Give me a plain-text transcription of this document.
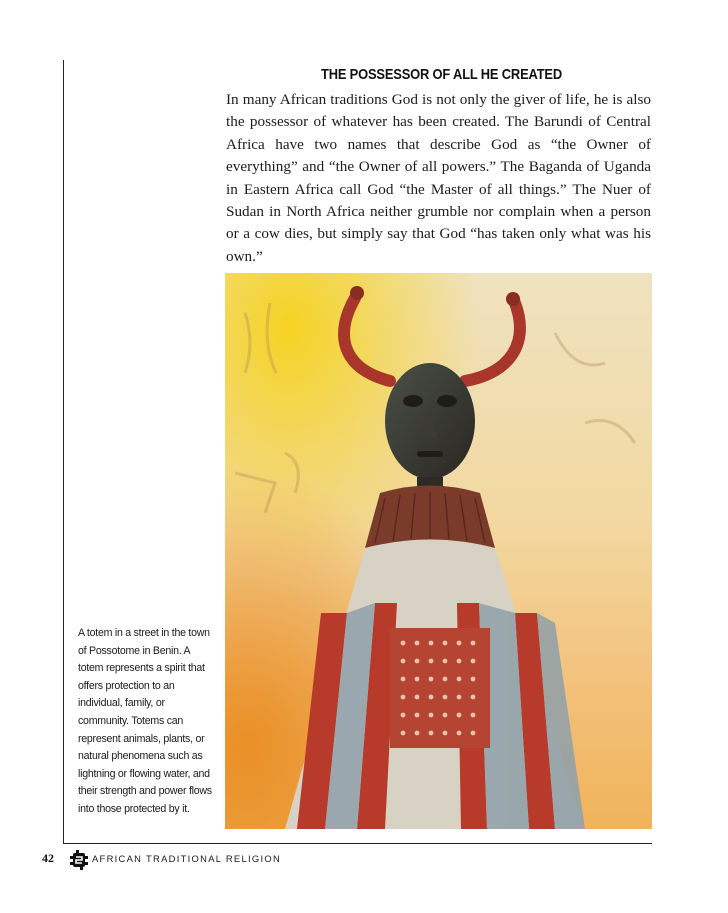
THE POSSESSOR OF ALL HE CREATED

In many African traditions God is not only the giver of life, he is also the possessor of whatever has been created. The Barundi of Central Africa have two names that describe God as “the Owner of everything” and “the Owner of all powers.” The Baganda of Uganda in Eastern Africa call God “the Master of all things.” The Nuer of Sudan in North Africa neither grumble nor complain when a person or a cow dies, but simply say that God “has taken only what was his own.”

A totem in a street in the town of Possotome in Benin. A totem represents a spirit that offers protection to an individual, family, or community. Totems can represent animals, plants, or natural phenomena such as lightning or flowing water, and their strength and power flows into those protected by it.

42	AFRICAN TRADITIONAL RELIGION
